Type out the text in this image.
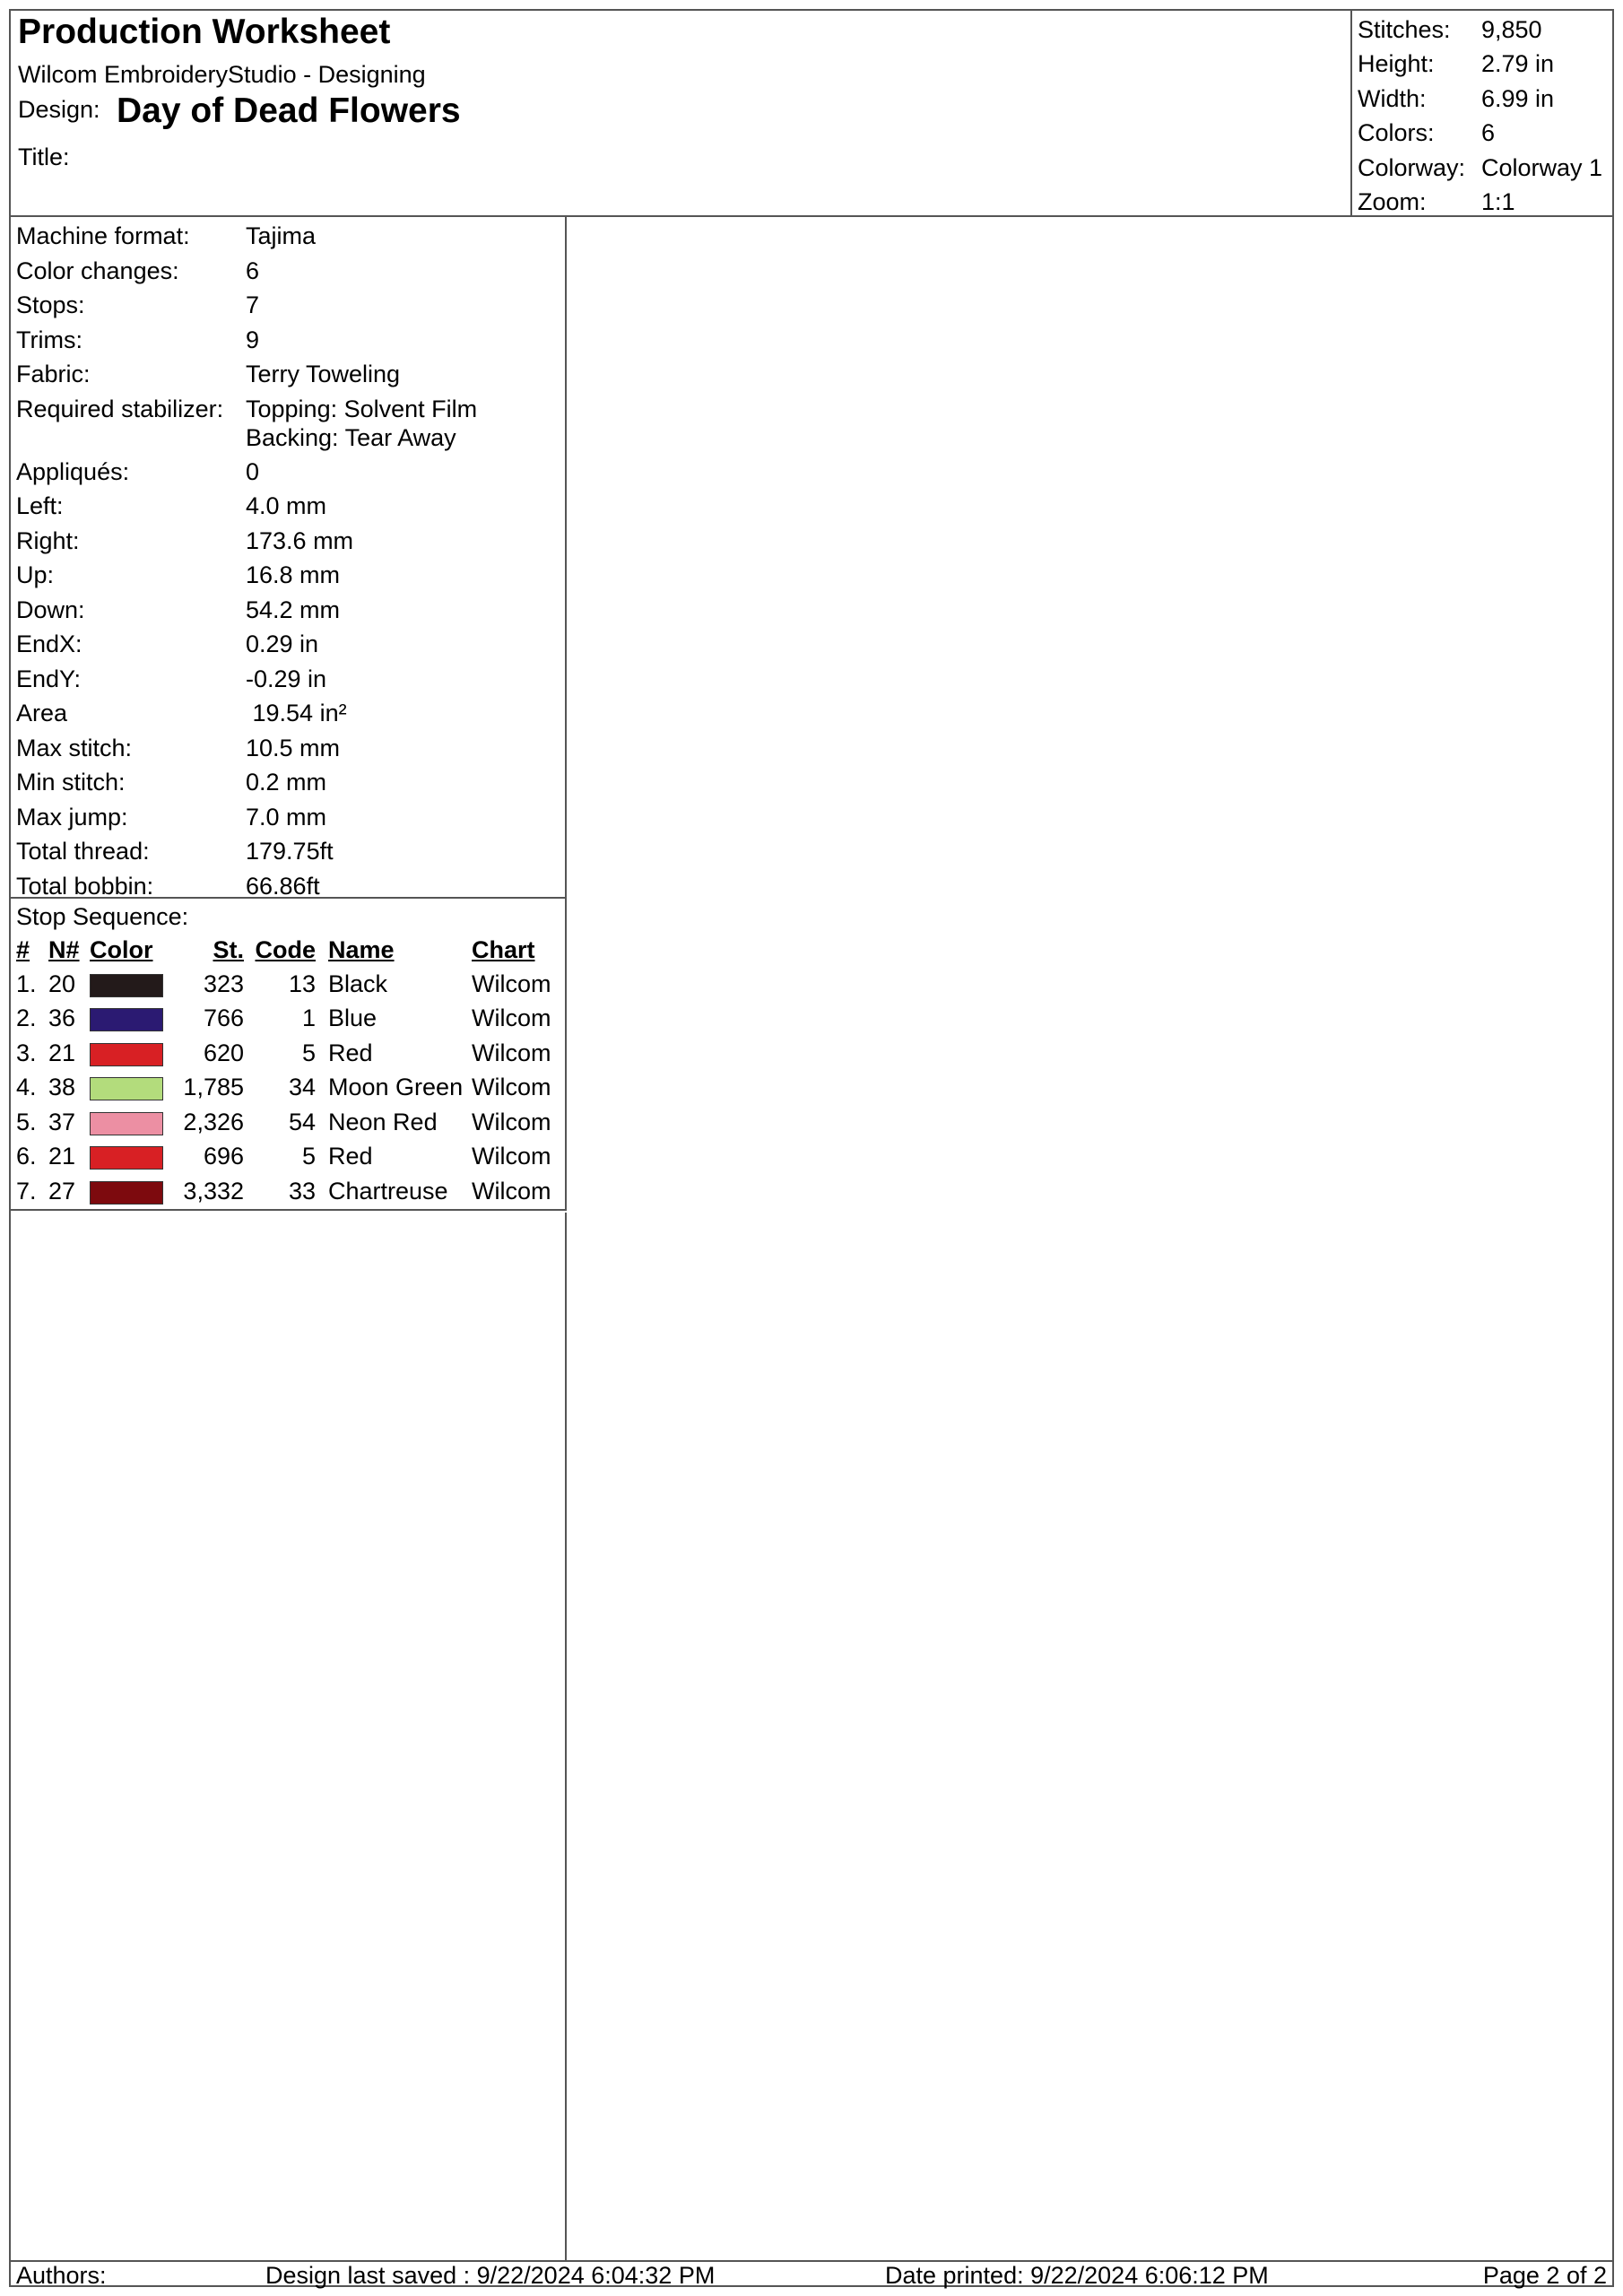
Production Worksheet
Wilcom EmbroideryStudio - Designing
Design: Day of Dead Flowers
Title:
Stitches:	9,850
Height:	2.79 in
Width:	6.99 in
Colors:	6
Colorway: Colorway 1
Zoom:	1:1
Machine format:	Tajima
Color changes:	6
Stops:	7
Trims:	9
Fabric:	Terry Toweling
Required stabilizer: Topping: Solvent Film
Backing: Tear Away
Appliqués:	0
Left:	4.0 mm
Right:	173.6 mm
Up:	16.8 mm
Down:	54.2 mm
EndX:	0.29 in
EndY:	-0.29 in
Area	19.54 in²
Max stitch:	10.5 mm
Min stitch:	0.2 mm
Max jump:	7.0 mm
Total thread:	179.75ft
Total bobbin:	66.86ft
Stop Sequence:
#	N#	Color	St.	Code	Name	Chart
1.	20		323	13	Black	Wilcom
2.	36		766	1	Blue	Wilcom
3.	21		620	5	Red	Wilcom
4.	38		1,785	34	Moon Green	Wilcom
5.	37		2,326	54	Neon Red	Wilcom
6.	21		696	5	Red	Wilcom
7.	27		3,332	33	Chartreuse	Wilcom
Authors:	Design last saved : 9/22/2024 6:04:32 PM	Date printed: 9/22/2024 6:06:12 PM	Page 2 of 2
